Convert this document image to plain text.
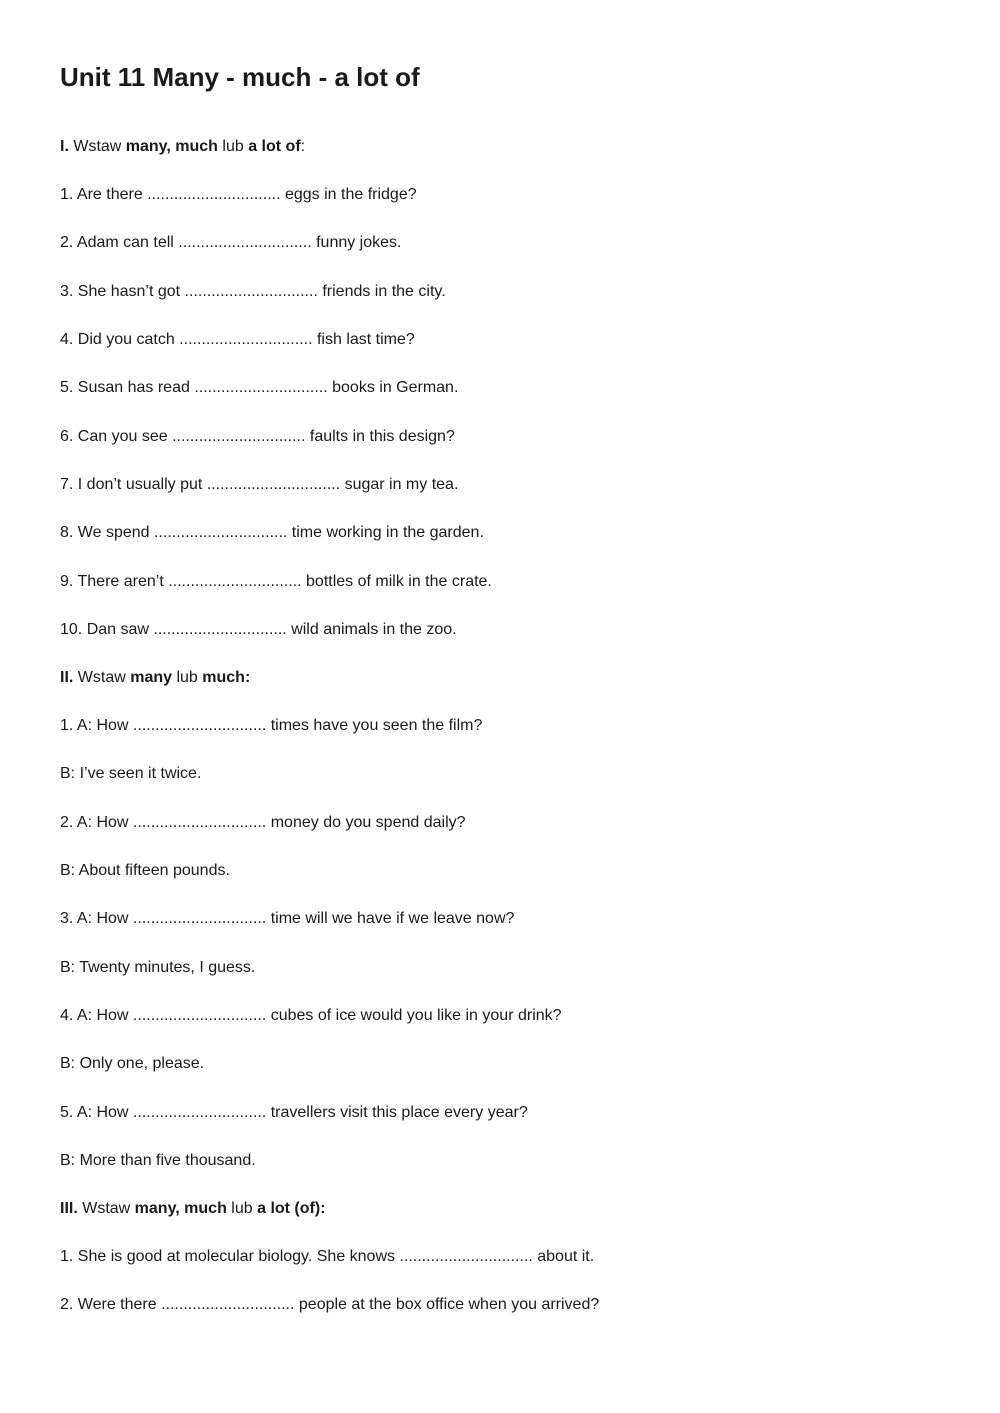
Unit 11 Many - much - a lot of

I. Wstaw many, much lub a lot of:

1. Are there .............................. eggs in the fridge?

2. Adam can tell .............................. funny jokes.

3. She hasn’t got .............................. friends in the city.

4. Did you catch .............................. fish last time?

5. Susan has read .............................. books in German.

6. Can you see .............................. faults in this design?

7. I don’t usually put .............................. sugar in my tea.

8. We spend .............................. time working in the garden.

9. There aren’t .............................. bottles of milk in the crate.

10. Dan saw .............................. wild animals in the zoo.

II. Wstaw many lub much:

1. A: How .............................. times have you seen the film?

B: I’ve seen it twice.

2. A: How .............................. money do you spend daily?

B: About fifteen pounds.

3. A: How .............................. time will we have if we leave now?

B: Twenty minutes, I guess.

4. A: How .............................. cubes of ice would you like in your drink?

B: Only one, please.

5. A: How .............................. travellers visit this place every year?

B: More than five thousand.

III. Wstaw many, much lub a lot (of):

1. She is good at molecular biology. She knows .............................. about it.

2. Were there .............................. people at the box office when you arrived?
